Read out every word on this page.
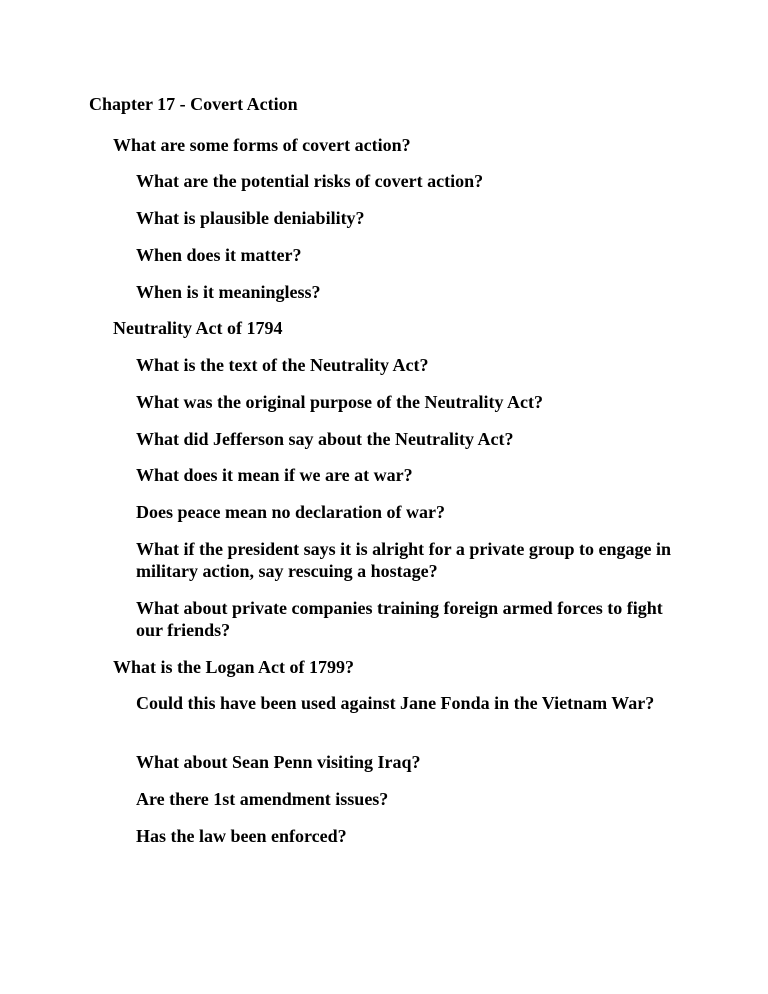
Chapter 17 - Covert Action

What are some forms of covert action?

What are the potential risks of covert action?

What is plausible deniability?

When does it matter?

When is it meaningless?

Neutrality Act of 1794

What is the text of the Neutrality Act?

What was the original purpose of the Neutrality Act?

What did Jefferson say about the Neutrality Act?

What does it mean if we are at war?

Does peace mean no declaration of war?

What if the president says it is alright for a private group to engage in military action, say rescuing a hostage?

What about private companies training foreign armed forces to fight our friends?

What is the Logan Act of 1799?

Could this have been used against Jane Fonda in the Vietnam War?

What about Sean Penn visiting Iraq?

Are there 1st amendment issues?

Has the law been enforced?
